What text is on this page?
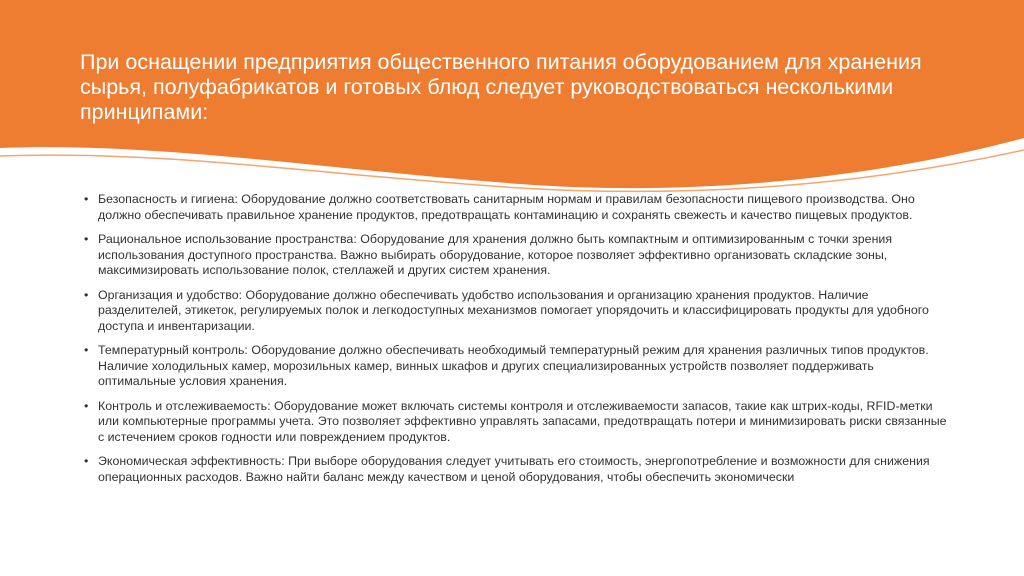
При оснащении предприятия общественного питания оборудованием для хранения сырья, полуфабрикатов и готовых блюд следует руководствоваться несколькими принципами:
• Безопасность и гигиена: Оборудование должно соответствовать санитарным нормам и правилам безопасности пищевого производства. Оно должно обеспечивать правильное хранение продуктов, предотвращать контаминацию и сохранять свежесть и качество пищевых продуктов.
• Рациональное использование пространства: Оборудование для хранения должно быть компактным и оптимизированным с точки зрения использования доступного пространства. Важно выбирать оборудование, которое позволяет эффективно организовать складские зоны, максимизировать использование полок, стеллажей и других систем хранения.
• Организация и удобство: Оборудование должно обеспечивать удобство использования и организацию хранения продуктов. Наличие разделителей, этикеток, регулируемых полок и легкодоступных механизмов помогает упорядочить и классифицировать продукты для удобного доступа и инвентаризации.
• Температурный контроль: Оборудование должно обеспечивать необходимый температурный режим для хранения различных типов продуктов. Наличие холодильных камер, морозильных камер, винных шкафов и других специализированных устройств позволяет поддерживать оптимальные условия хранения.
• Контроль и отслеживаемость: Оборудование может включать системы контроля и отслеживаемости запасов, такие как штрих-коды, RFID-метки или компьютерные программы учета. Это позволяет эффективно управлять запасами, предотвращать потери и минимизировать риски связанные с истечением сроков годности или повреждением продуктов.
• Экономическая эффективность: При выборе оборудования следует учитывать его стоимость, энергопотребление и возможности для снижения операционных расходов. Важно найти баланс между качеством и ценой оборудования, чтобы обеспечить экономически
